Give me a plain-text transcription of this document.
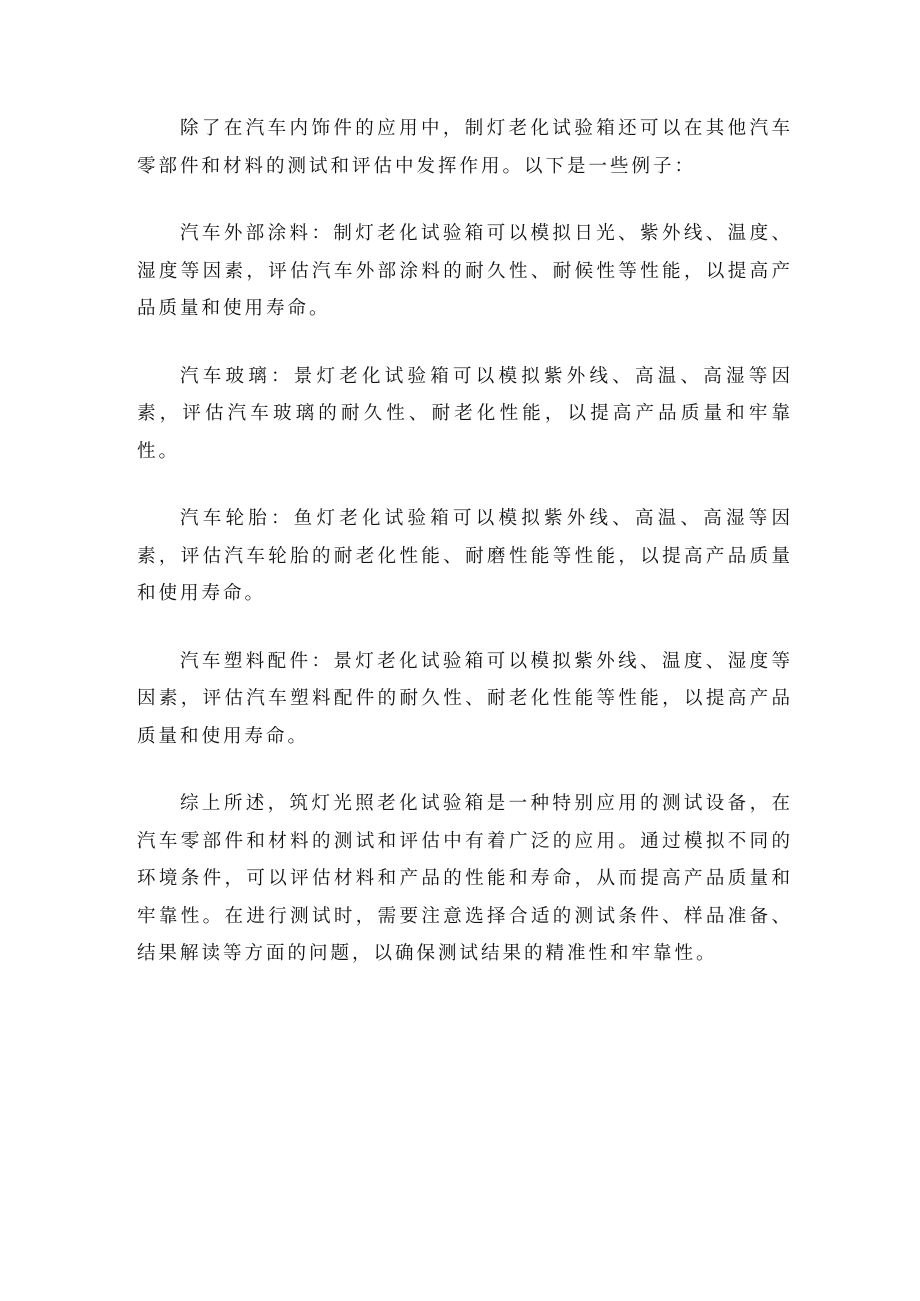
除了在汽车内饰件的应用中，制灯老化试验箱还可以在其他汽车零部件和材料的测试和评估中发挥作用。以下是一些例子：

汽车外部涂料：制灯老化试验箱可以模拟日光、紫外线、温度、湿度等因素，评估汽车外部涂料的耐久性、耐候性等性能，以提高产品质量和使用寿命。

汽车玻璃：景灯老化试验箱可以模拟紫外线、高温、高湿等因素，评估汽车玻璃的耐久性、耐老化性能，以提高产品质量和牢靠性。

汽车轮胎：鱼灯老化试验箱可以模拟紫外线、高温、高湿等因素，评估汽车轮胎的耐老化性能、耐磨性能等性能，以提高产品质量和使用寿命。

汽车塑料配件：景灯老化试验箱可以模拟紫外线、温度、湿度等因素，评估汽车塑料配件的耐久性、耐老化性能等性能，以提高产品质量和使用寿命。

综上所述，筑灯光照老化试验箱是一种特别应用的测试设备，在汽车零部件和材料的测试和评估中有着广泛的应用。通过模拟不同的环境条件，可以评估材料和产品的性能和寿命，从而提高产品质量和牢靠性。在进行测试时，需要注意选择合适的测试条件、样品准备、结果解读等方面的问题，以确保测试结果的精准性和牢靠性。
